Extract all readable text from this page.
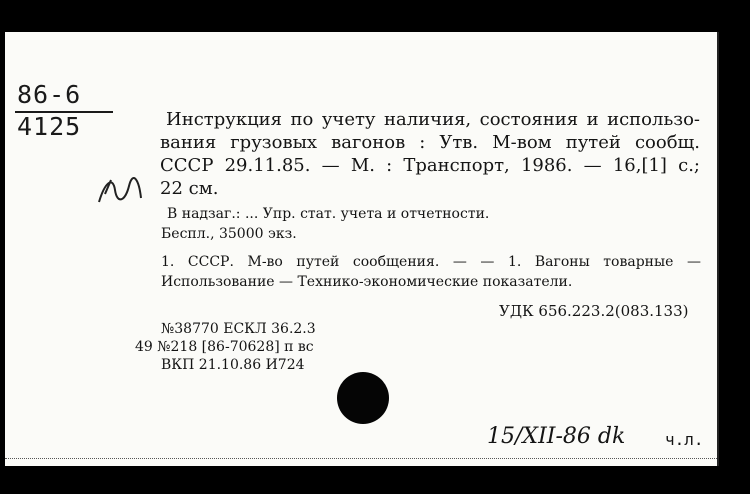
86-6
4125	Инструкция по учету наличия, состояния и использо-
вания грузовых вагонов : Утв. М-вом путей сообщ.
СССР 29.11.85. — М. : Транспорт, 1986. — 16,[1] с.;
22 см.
В надзаг.: ... Упр. стат. учета и отчетности.
Беспл., 35000 экз.
1. СССР. М-во путей сообщения. — — 1. Вагоны товарные —
Использование — Технико-экономические показатели.
УДК 656.223.2(083.133)
№38770 ЕСКЛ 36.2.3
49 №218 [86-70628] п вс
ВКП 21.10.86 И724
15/XII-86 dk ч.л.
